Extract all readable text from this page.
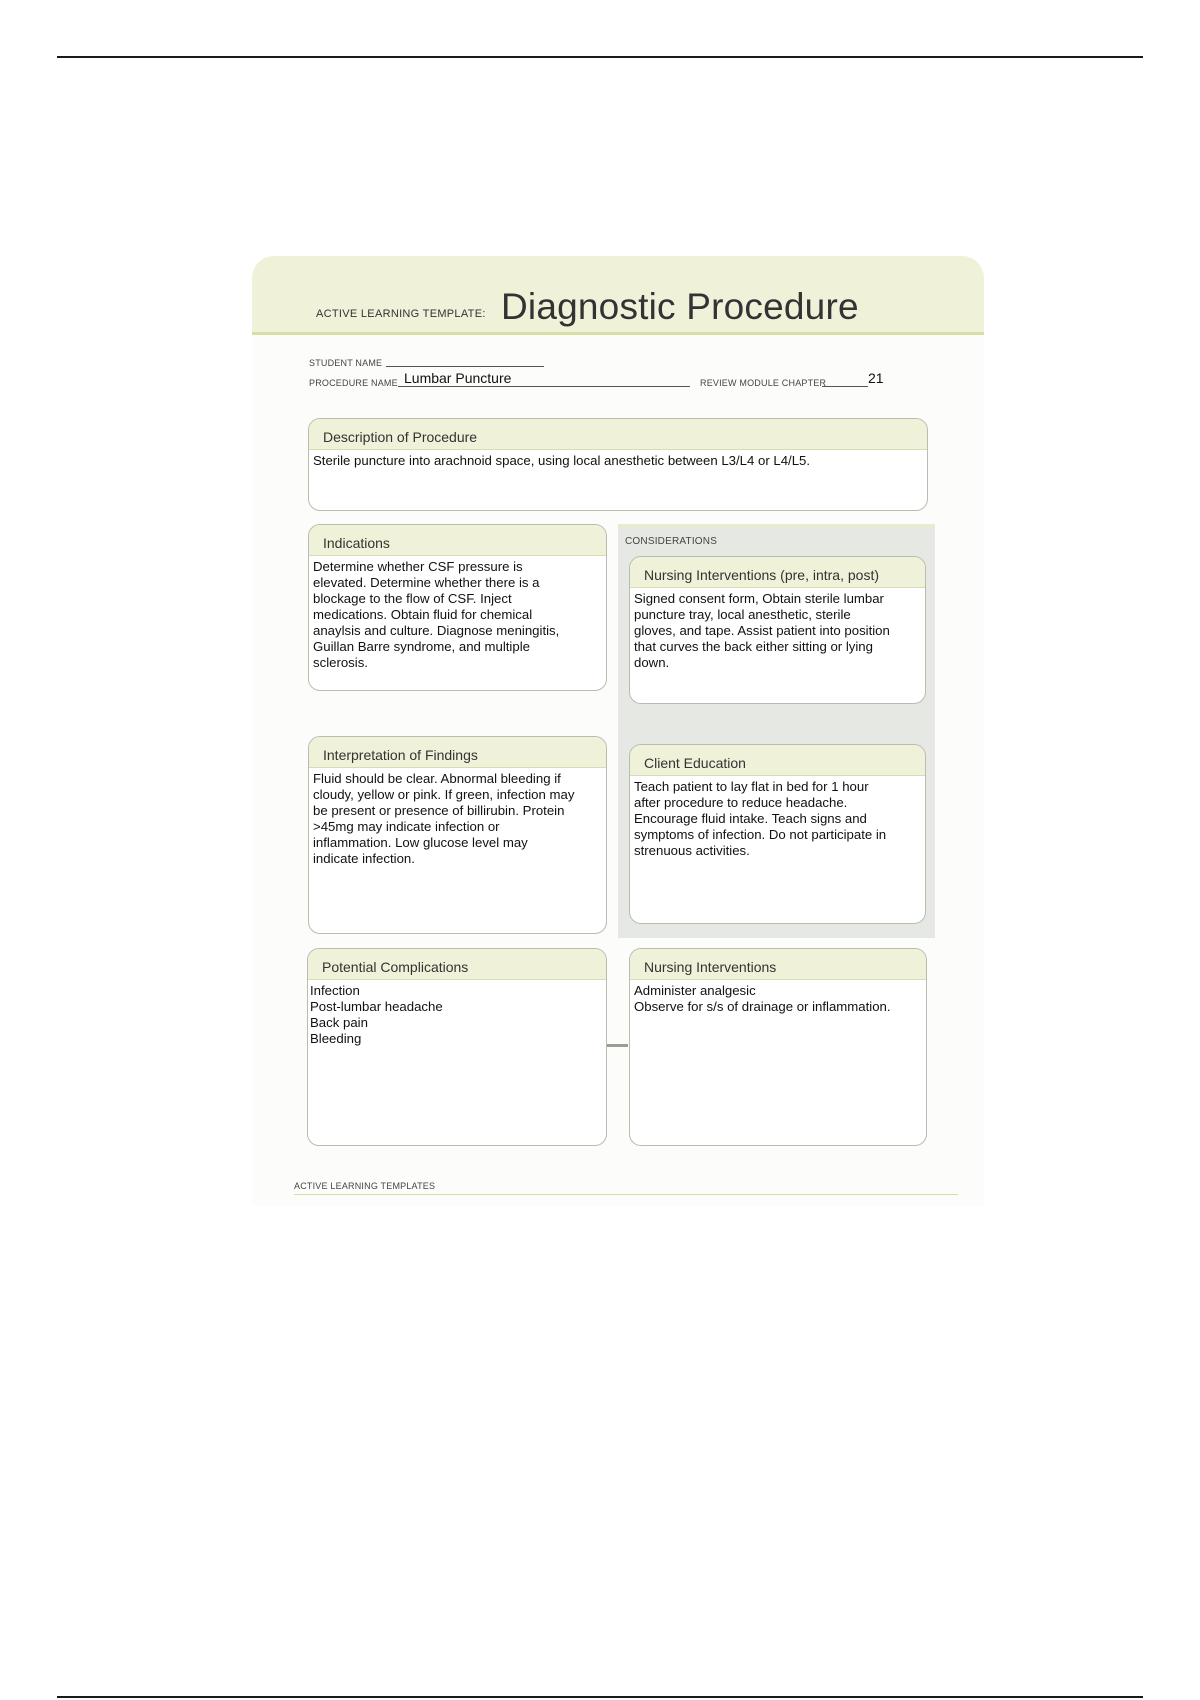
ACTIVE LEARNING TEMPLATE: Diagnostic Procedure
STUDENT NAME
PROCEDURE NAME Lumbar Puncture	REVIEW MODULE CHAPTER	21
Description of Procedure
Sterile puncture into arachnoid space, using local anesthetic between L3/L4 or L4/L5.
Indications
Determine whether CSF pressure is
elevated. Determine whether there is a
blockage to the flow of CSF. Inject
medications. Obtain fluid for chemical
anaylsis and culture. Diagnose meningitis,
Guillan Barre syndrome, and multiple
sclerosis.
CONSIDERATIONS
Nursing Interventions (pre, intra, post)
Signed consent form, Obtain sterile lumbar
puncture tray, local anesthetic, sterile
gloves, and tape. Assist patient into position
that curves the back either sitting or lying
down.
Interpretation of Findings
Fluid should be clear. Abnormal bleeding if
cloudy, yellow or pink. If green, infection may
be present or presence of billirubin. Protein
>45mg may indicate infection or
inflammation. Low glucose level may
indicate infection.
Client Education
Teach patient to lay flat in bed for 1 hour
after procedure to reduce headache.
Encourage fluid intake. Teach signs and
symptoms of infection. Do not participate in
strenuous activities.
Potential Complications
Infection
Post-lumbar headache
Back pain
Bleeding
Nursing Interventions
Administer analgesic
Observe for s/s of drainage or inflammation.
ACTIVE LEARNING TEMPLATES
